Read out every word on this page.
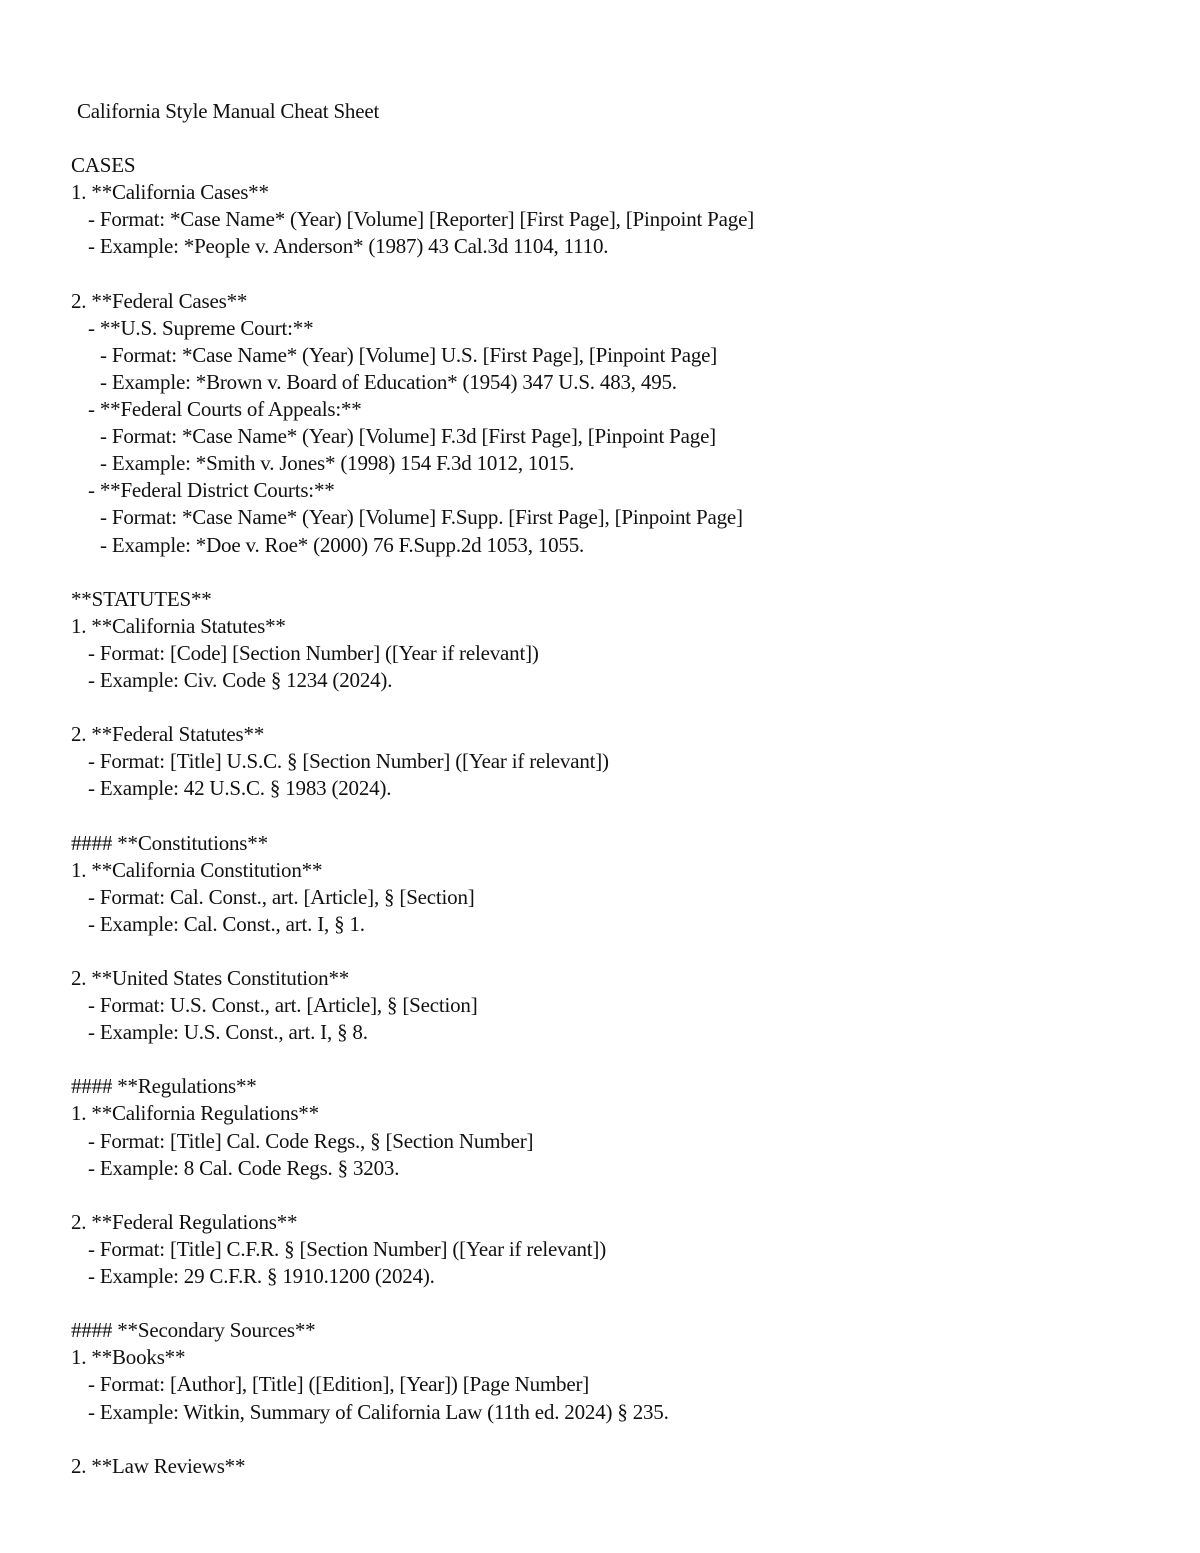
California Style Manual Cheat Sheet
CASES
1. **California Cases**
- Format: *Case Name* (Year) [Volume] [Reporter] [First Page], [Pinpoint Page]
- Example: *People v. Anderson* (1987) 43 Cal.3d 1104, 1110.
2. **Federal Cases**
- **U.S. Supreme Court:**
- Format: *Case Name* (Year) [Volume] U.S. [First Page], [Pinpoint Page]
- Example: *Brown v. Board of Education* (1954) 347 U.S. 483, 495.
- **Federal Courts of Appeals:**
- Format: *Case Name* (Year) [Volume] F.3d [First Page], [Pinpoint Page]
- Example: *Smith v. Jones* (1998) 154 F.3d 1012, 1015.
- **Federal District Courts:**
- Format: *Case Name* (Year) [Volume] F.Supp. [First Page], [Pinpoint Page]
- Example: *Doe v. Roe* (2000) 76 F.Supp.2d 1053, 1055.
**STATUTES**
1. **California Statutes**
- Format: [Code] [Section Number] ([Year if relevant])
- Example: Civ. Code § 1234 (2024).
2. **Federal Statutes**
- Format: [Title] U.S.C. § [Section Number] ([Year if relevant])
- Example: 42 U.S.C. § 1983 (2024).
#### **Constitutions**
1. **California Constitution**
- Format: Cal. Const., art. [Article], § [Section]
- Example: Cal. Const., art. I, § 1.
2. **United States Constitution**
- Format: U.S. Const., art. [Article], § [Section]
- Example: U.S. Const., art. I, § 8.
#### **Regulations**
1. **California Regulations**
- Format: [Title] Cal. Code Regs., § [Section Number]
- Example: 8 Cal. Code Regs. § 3203.
2. **Federal Regulations**
- Format: [Title] C.F.R. § [Section Number] ([Year if relevant])
- Example: 29 C.F.R. § 1910.1200 (2024).
#### **Secondary Sources**
1. **Books**
- Format: [Author], [Title] ([Edition], [Year]) [Page Number]
- Example: Witkin, Summary of California Law (11th ed. 2024) § 235.
2. **Law Reviews**
